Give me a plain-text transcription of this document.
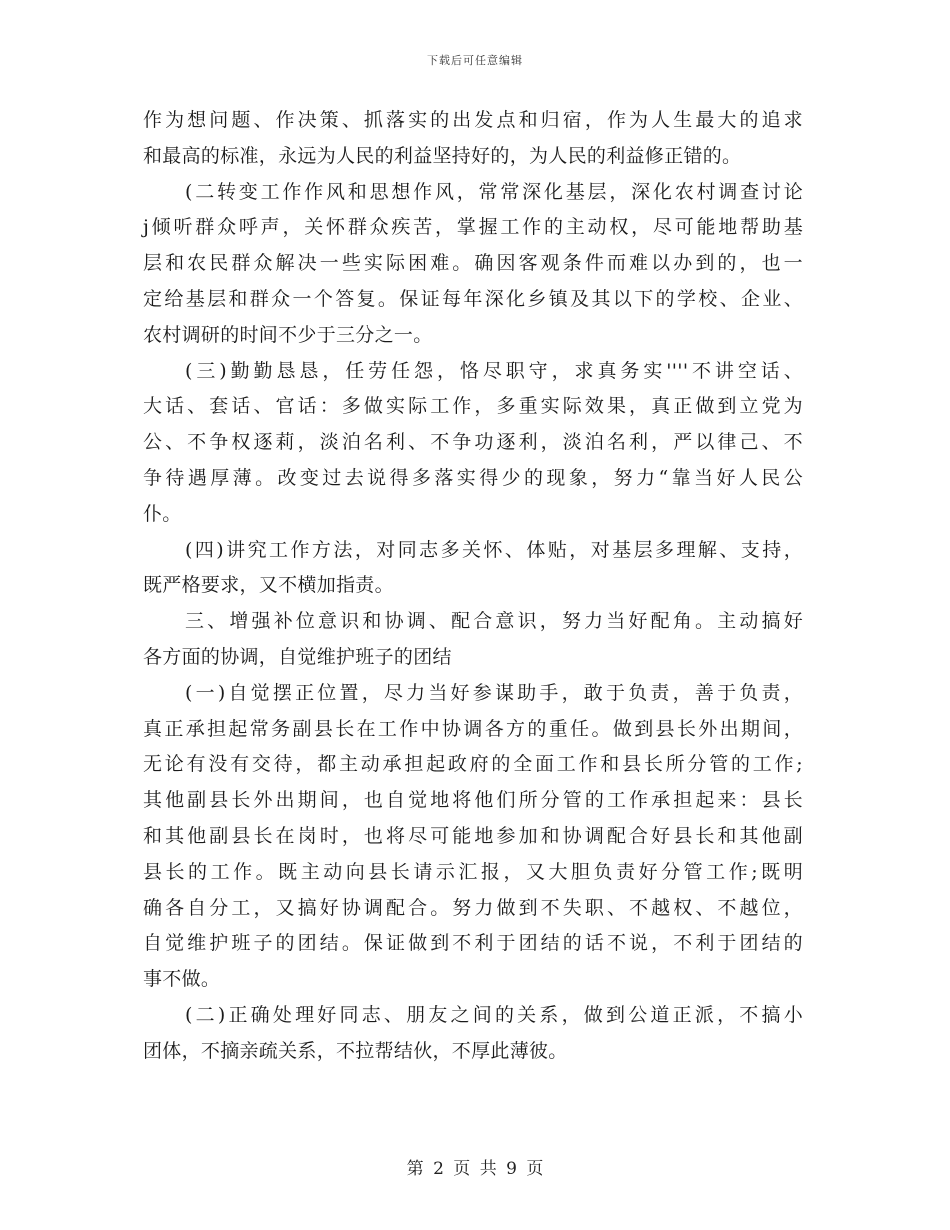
下载后可任意编辑
作为想问题、作决策、抓落实的出发点和归宿，作为人生最大的追求
和最高的标准，永远为人民的利益坚持好的，为人民的利益修正错的。
(二转变工作作风和思想作风，常常深化基层，深化农村调查讨论
j倾听群众呼声，关怀群众疾苦，掌握工作的主动权，尽可能地帮助基
层和农民群众解决一些实际困难。确因客观条件而难以办到的，也一
定给基层和群众一个答复。保证每年深化乡镇及其以下的学校、企业、
农村调研的时间不少于三分之一。
(三)勤勤恳恳，任劳任怨，恪尽职守，求真务实''''不讲空话、
大话、套话、官话：多做实际工作，多重实际效果，真正做到立党为
公、不争权逐莉，淡泊名利、不争功逐利，淡泊名利，严以律己、不
争待遇厚薄。改变过去说得多落实得少的现象，努力“靠当好人民公
仆。
(四)讲究工作方法，对同志多关怀、体贴，对基层多理解、支持，
既严格要求，又不横加指责。
三、增强补位意识和协调、配合意识，努力当好配角。主动搞好
各方面的协调，自觉维护班子的团结
(一)自觉摆正位置，尽力当好参谋助手，敢于负责，善于负责，
真正承担起常务副县长在工作中协调各方的重任。做到县长外出期间，
无论有没有交待，都主动承担起政府的全面工作和县长所分管的工作;
其他副县长外出期间，也自觉地将他们所分管的工作承担起来：县长
和其他副县长在岗时，也将尽可能地参加和协调配合好县长和其他副
县长的工作。既主动向县长请示汇报，又大胆负责好分管工作;既明
确各自分工，又搞好协调配合。努力做到不失职、不越权、不越位，
自觉维护班子的团结。保证做到不利于团结的话不说，不利于团结的
事不做。
(二)正确处理好同志、朋友之间的关系，做到公道正派，不搞小
团体，不摘亲疏关系，不拉帮结伙，不厚此薄彼。
第 2 页 共 9 页
